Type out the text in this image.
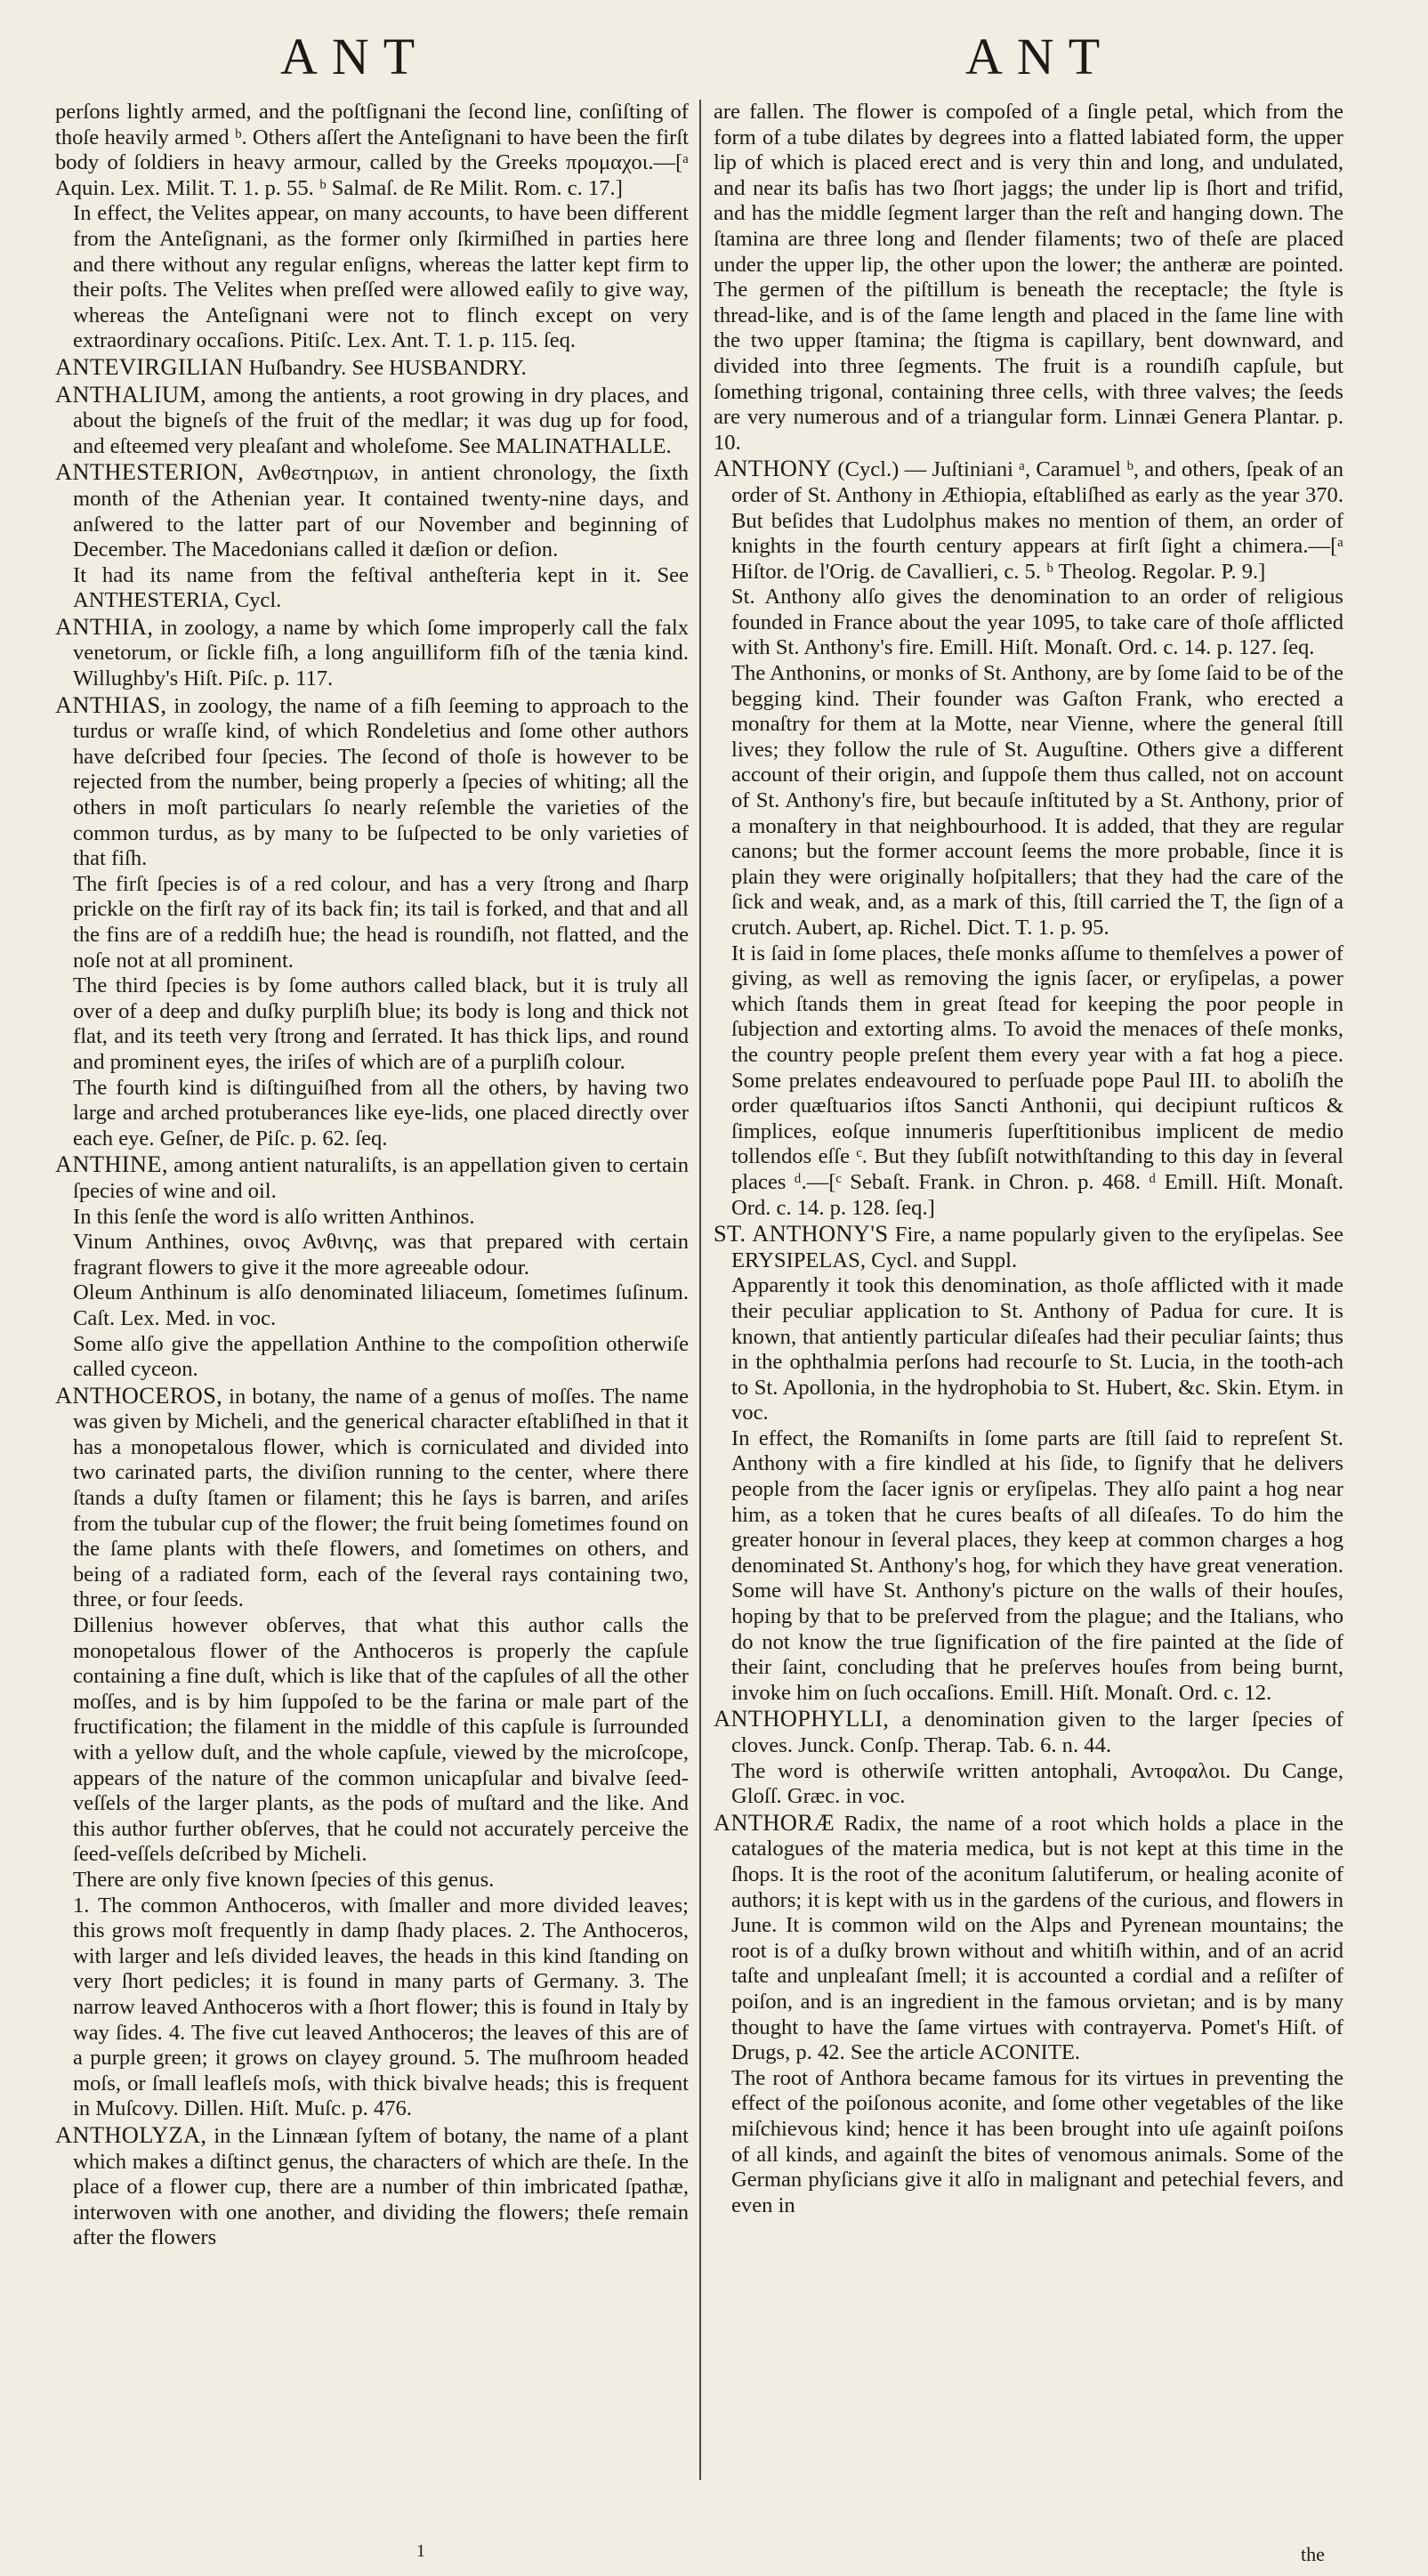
ANT	ANT

perſons lightly armed, and the poſtſignani the ſecond line, conſiſting of thoſe heavily armed ᵇ. Others aſſert the Anteſignani to have been the firſt body of ſoldiers in heavy armour, called by the Greeks προμαχοι.—[ᵃ Aquin. Lex. Milit. T. 1. p. 55. ᵇ Salmaſ. de Re Milit. Rom. c. 17.]

In effect, the Velites appear, on many accounts, to have been different from the Anteſignani, as the former only ſkirmiſhed in parties here and there without any regular enſigns, whereas the latter kept firm to their poſts. The Velites when preſſed were allowed eaſily to give way, whereas the Anteſignani were not to flinch except on very extraordinary occaſions. Pitiſc. Lex. Ant. T. 1. p. 115. ſeq.

ANTEVIRGILIAN Huſbandry. See HUSBANDRY.

ANTHALIUM, among the antients, a root growing in dry places, and about the bigneſs of the fruit of the medlar; it was dug up for food, and eſteemed very pleaſant and wholeſome. See MALINATHALLE.

ANTHESTERION, Ανθεστηριων, in antient chronology, the ſixth month of the Athenian year. It contained twenty-nine days, and anſwered to the latter part of our November and beginning of December. The Macedonians called it dæſion or deſion.

It had its name from the feſtival antheſteria kept in it. See ANTHESTERIA, Cycl.

ANTHIA, in zoology, a name by which ſome improperly call the falx venetorum, or ſickle fiſh, a long anguilliform fiſh of the tænia kind. Willughby's Hiſt. Piſc. p. 117.

ANTHIAS, in zoology, the name of a fiſh ſeeming to approach to the turdus or wraſſe kind, of which Rondeletius and ſome other authors have deſcribed four ſpecies. The ſecond of thoſe is however to be rejected from the number, being properly a ſpecies of whiting; all the others in moſt particulars ſo nearly reſemble the varieties of the common turdus, as by many to be ſuſpected to be only varieties of that fiſh.

The firſt ſpecies is of a red colour, and has a very ſtrong and ſharp prickle on the firſt ray of its back fin; its tail is forked, and that and all the fins are of a reddiſh hue; the head is roundiſh, not flatted, and the noſe not at all prominent.

The third ſpecies is by ſome authors called black, but it is truly all over of a deep and duſky purpliſh blue; its body is long and thick not flat, and its teeth very ſtrong and ſerrated. It has thick lips, and round and prominent eyes, the iriſes of which are of a purpliſh colour.

The fourth kind is diſtinguiſhed from all the others, by having two large and arched protuberances like eye-lids, one placed directly over each eye. Geſner, de Piſc. p. 62. ſeq.

ANTHINE, among antient naturaliſts, is an appellation given to certain ſpecies of wine and oil.

In this ſenſe the word is alſo written Anthinos.

Vinum Anthines, οινος Ανθινης, was that prepared with certain fragrant flowers to give it the more agreeable odour.

Oleum Anthinum is alſo denominated liliaceum, ſometimes ſuſinum. Caſt. Lex. Med. in voc.

Some alſo give the appellation Anthine to the compoſition otherwiſe called cyceon.

ANTHOCEROS, in botany, the name of a genus of moſſes. The name was given by Micheli, and the generical character eſtabliſhed in that it has a monopetalous flower, which is corniculated and divided into two carinated parts, the diviſion running to the center, where there ſtands a duſty ſtamen or filament; this he ſays is barren, and ariſes from the tubular cup of the flower; the fruit being ſometimes found on the ſame plants with theſe flowers, and ſometimes on others, and being of a radiated form, each of the ſeveral rays containing two, three, or four ſeeds.

Dillenius however obſerves, that what this author calls the monopetalous flower of the Anthoceros is properly the capſule containing a fine duſt, which is like that of the capſules of all the other moſſes, and is by him ſuppoſed to be the farina or male part of the fructification; the filament in the middle of this capſule is ſurrounded with a yellow duſt, and the whole capſule, viewed by the microſcope, appears of the nature of the common unicapſular and bivalve ſeed-veſſels of the larger plants, as the pods of muſtard and the like. And this author further obſerves, that he could not accurately perceive the ſeed-veſſels deſcribed by Micheli.

There are only five known ſpecies of this genus.

1. The common Anthoceros, with ſmaller and more divided leaves; this grows moſt frequently in damp ſhady places. 2. The Anthoceros, with larger and leſs divided leaves, the heads in this kind ſtanding on very ſhort pedicles; it is found in many parts of Germany. 3. The narrow leaved Anthoceros with a ſhort flower; this is found in Italy by way ſides. 4. The five cut leaved Anthoceros; the leaves of this are of a purple green; it grows on clayey ground. 5. The muſhroom headed moſs, or ſmall leafleſs moſs, with thick bivalve heads; this is frequent in Muſcovy. Dillen. Hiſt. Muſc. p. 476.

ANTHOLYZA, in the Linnæan ſyſtem of botany, the name of a plant which makes a diſtinct genus, the characters of which are theſe. In the place of a flower cup, there are a number of thin imbricated ſpathæ, interwoven with one another, and dividing the flowers; theſe remain after the flowers

are fallen. The flower is compoſed of a ſingle petal, which from the form of a tube dilates by degrees into a flatted labiated form, the upper lip of which is placed erect and is very thin and long, and undulated, and near its baſis has two ſhort jaggs; the under lip is ſhort and trifid, and has the middle ſegment larger than the reſt and hanging down. The ſtamina are three long and ſlender filaments; two of theſe are placed under the upper lip, the other upon the lower; the antheræ are pointed. The germen of the piſtillum is beneath the receptacle; the ſtyle is thread-like, and is of the ſame length and placed in the ſame line with the two upper ſtamina; the ſtigma is capillary, bent downward, and divided into three ſegments. The fruit is a roundiſh capſule, but ſomething trigonal, containing three cells, with three valves; the ſeeds are very numerous and of a triangular form. Linnæi Genera Plantar. p. 10.

ANTHONY (Cycl.) — Juſtiniani ᵃ, Caramuel ᵇ, and others, ſpeak of an order of St. Anthony in Æthiopia, eſtabliſhed as early as the year 370. But beſides that Ludolphus makes no mention of them, an order of knights in the fourth century appears at firſt ſight a chimera.—[ᵃ Hiſtor. de l'Orig. de Cavallieri, c. 5. ᵇ Theolog. Regolar. P. 9.]

St. Anthony alſo gives the denomination to an order of religious founded in France about the year 1095, to take care of thoſe afflicted with St. Anthony's fire. Emill. Hiſt. Monaſt. Ord. c. 14. p. 127. ſeq.

The Anthonins, or monks of St. Anthony, are by ſome ſaid to be of the begging kind. Their founder was Gaſton Frank, who erected a monaſtry for them at la Motte, near Vienne, where the general ſtill lives; they follow the rule of St. Auguſtine. Others give a different account of their origin, and ſuppoſe them thus called, not on account of St. Anthony's fire, but becauſe inſtituted by a St. Anthony, prior of a monaſtery in that neighbourhood. It is added, that they are regular canons; but the former account ſeems the more probable, ſince it is plain they were originally hoſpitallers; that they had the care of the ſick and weak, and, as a mark of this, ſtill carried the T, the ſign of a crutch. Aubert, ap. Richel. Dict. T. 1. p. 95.

It is ſaid in ſome places, theſe monks aſſume to themſelves a power of giving, as well as removing the ignis ſacer, or eryſipelas, a power which ſtands them in great ſtead for keeping the poor people in ſubjection and extorting alms. To avoid the menaces of theſe monks, the country people preſent them every year with a fat hog a piece. Some prelates endeavoured to perſuade pope Paul III. to aboliſh the order quæſtuarios iſtos Sancti Anthonii, qui decipiunt ruſticos & ſimplices, eoſque innumeris ſuperſtitionibus implicent de medio tollendos eſſe ᶜ. But they ſubſiſt notwithſtanding to this day in ſeveral places ᵈ.—[ᶜ Sebaſt. Frank. in Chron. p. 468. ᵈ Emill. Hiſt. Monaſt. Ord. c. 14. p. 128. ſeq.]

ST. ANTHONY'S Fire, a name popularly given to the eryſipelas. See ERYSIPELAS, Cycl. and Suppl.

Apparently it took this denomination, as thoſe afflicted with it made their peculiar application to St. Anthony of Padua for cure. It is known, that antiently particular diſeaſes had their peculiar ſaints; thus in the ophthalmia perſons had recourſe to St. Lucia, in the tooth-ach to St. Apollonia, in the hydrophobia to St. Hubert, &c. Skin. Etym. in voc.

In effect, the Romaniſts in ſome parts are ſtill ſaid to repreſent St. Anthony with a fire kindled at his ſide, to ſignify that he delivers people from the ſacer ignis or eryſipelas. They alſo paint a hog near him, as a token that he cures beaſts of all diſeaſes. To do him the greater honour in ſeveral places, they keep at common charges a hog denominated St. Anthony's hog, for which they have great veneration. Some will have St. Anthony's picture on the walls of their houſes, hoping by that to be preſerved from the plague; and the Italians, who do not know the true ſignification of the fire painted at the ſide of their ſaint, concluding that he preſerves houſes from being burnt, invoke him on ſuch occaſions. Emill. Hiſt. Monaſt. Ord. c. 12.

ANTHOPHYLLI, a denomination given to the larger ſpecies of cloves. Junck. Conſp. Therap. Tab. 6. n. 44.

The word is otherwiſe written antophali, Αντοφαλοι. Du Cange, Gloſſ. Græc. in voc.

ANTHORÆ Radix, the name of a root which holds a place in the catalogues of the materia medica, but is not kept at this time in the ſhops. It is the root of the aconitum ſalutiferum, or healing aconite of authors; it is kept with us in the gardens of the curious, and flowers in June. It is common wild on the Alps and Pyrenean mountains; the root is of a duſky brown without and whitiſh within, and of an acrid taſte and unpleaſant ſmell; it is accounted a cordial and a reſiſter of poiſon, and is an ingredient in the famous orvietan; and is by many thought to have the ſame virtues with contrayerva. Pomet's Hiſt. of Drugs, p. 42. See the article ACONITE.

The root of Anthora became famous for its virtues in preventing the effect of the poiſonous aconite, and ſome other vegetables of the like miſchievous kind; hence it has been brought into uſe againſt poiſons of all kinds, and againſt the bites of venomous animals. Some of the German phyſicians give it alſo in malignant and petechial fevers, and even in

1	the
